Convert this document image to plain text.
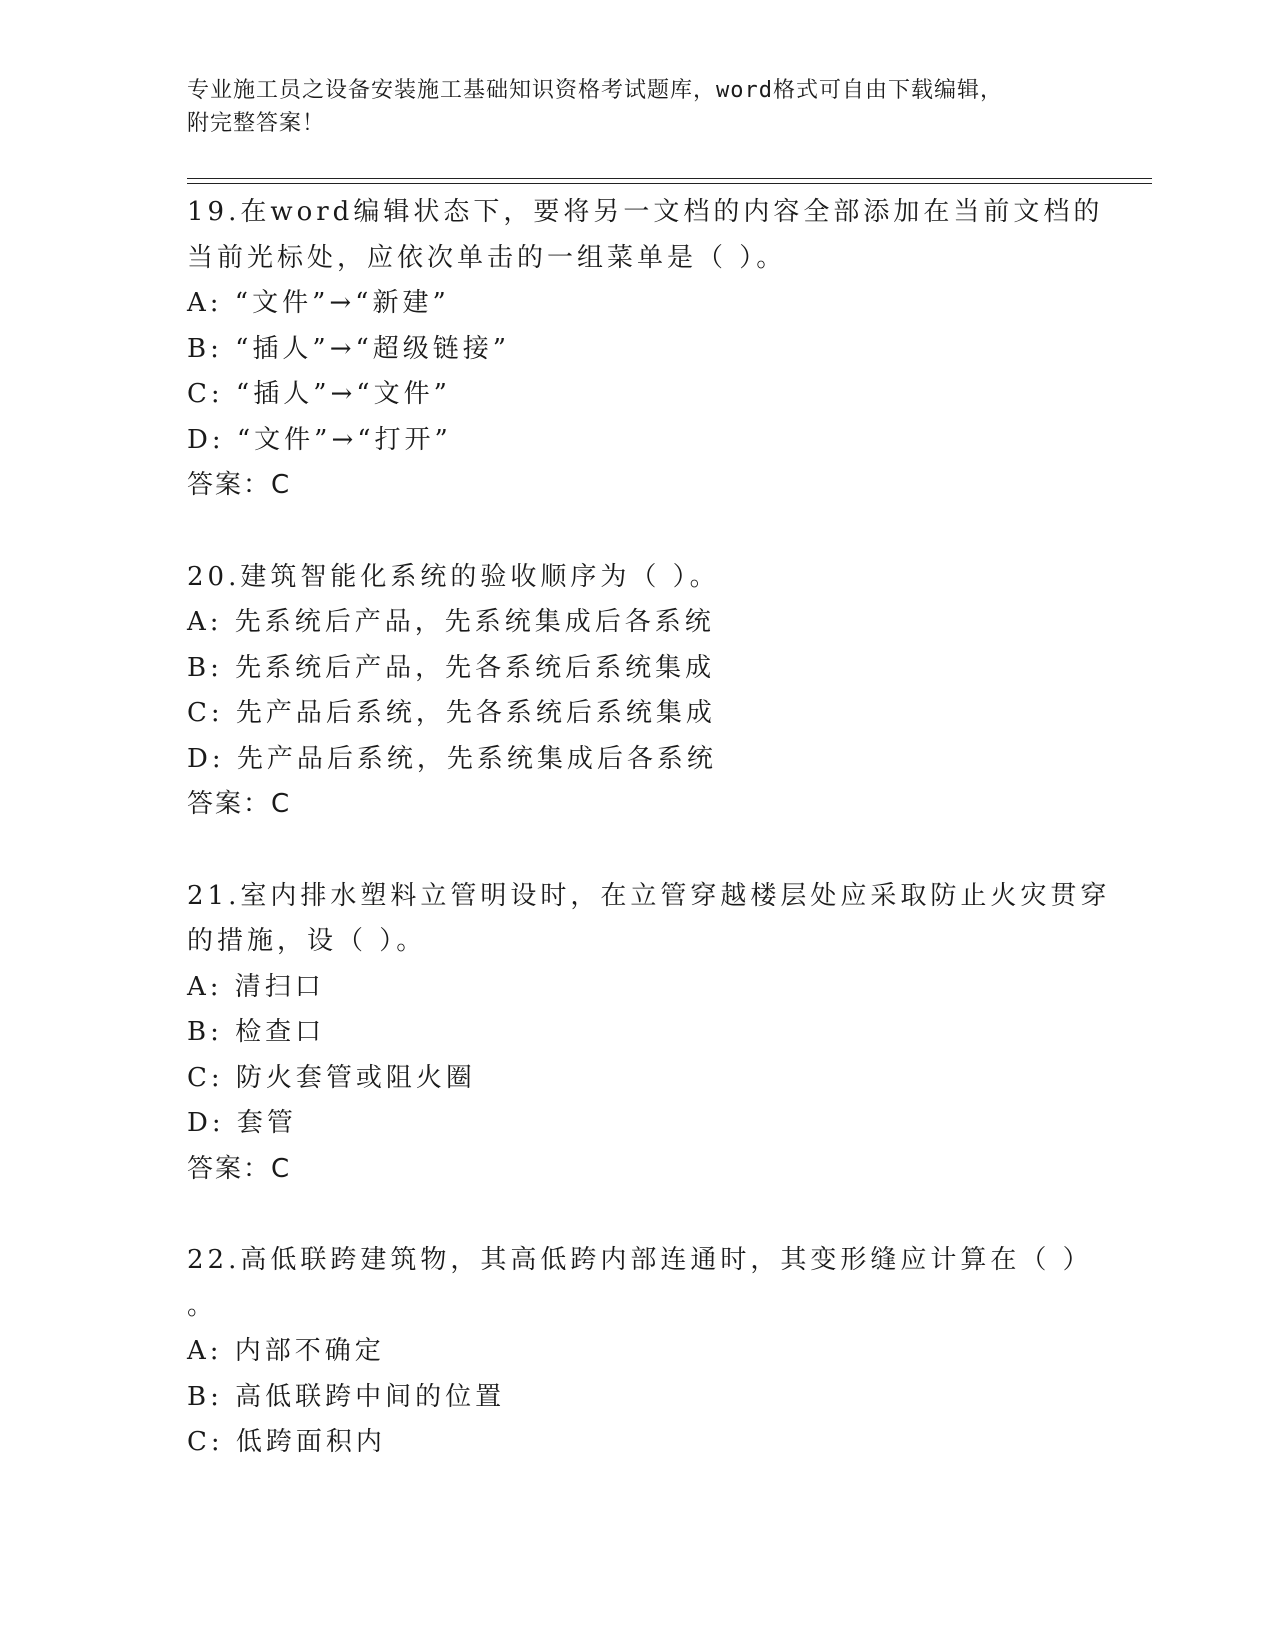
专业施工员之设备安装施工基础知识资格考试题库，word格式可自由下载编辑，
附完整答案！
19.在word编辑状态下，要将另一文档的内容全部添加在当前文档的
当前光标处，应依次单击的一组菜单是（ ）。
A: “文件”→“新建”
B: “插人”→“超级链接”
C: “插人”→“文件”
D: “文件”→“打开”
答案：C
20.建筑智能化系统的验收顺序为（ ）。
A: 先系统后产品，先系统集成后各系统
B: 先系统后产品，先各系统后系统集成
C: 先产品后系统，先各系统后系统集成
D: 先产品后系统，先系统集成后各系统
答案：C
21.室内排水塑料立管明设时，在立管穿越楼层处应采取防止火灾贯穿
的措施，设（ ）。
A: 清扫口
B: 检查口
C: 防火套管或阻火圈
D: 套管
答案：C
22.高低联跨建筑物，其高低跨内部连通时，其变形缝应计算在（ ）
。
A: 内部不确定
B: 高低联跨中间的位置
C: 低跨面积内
